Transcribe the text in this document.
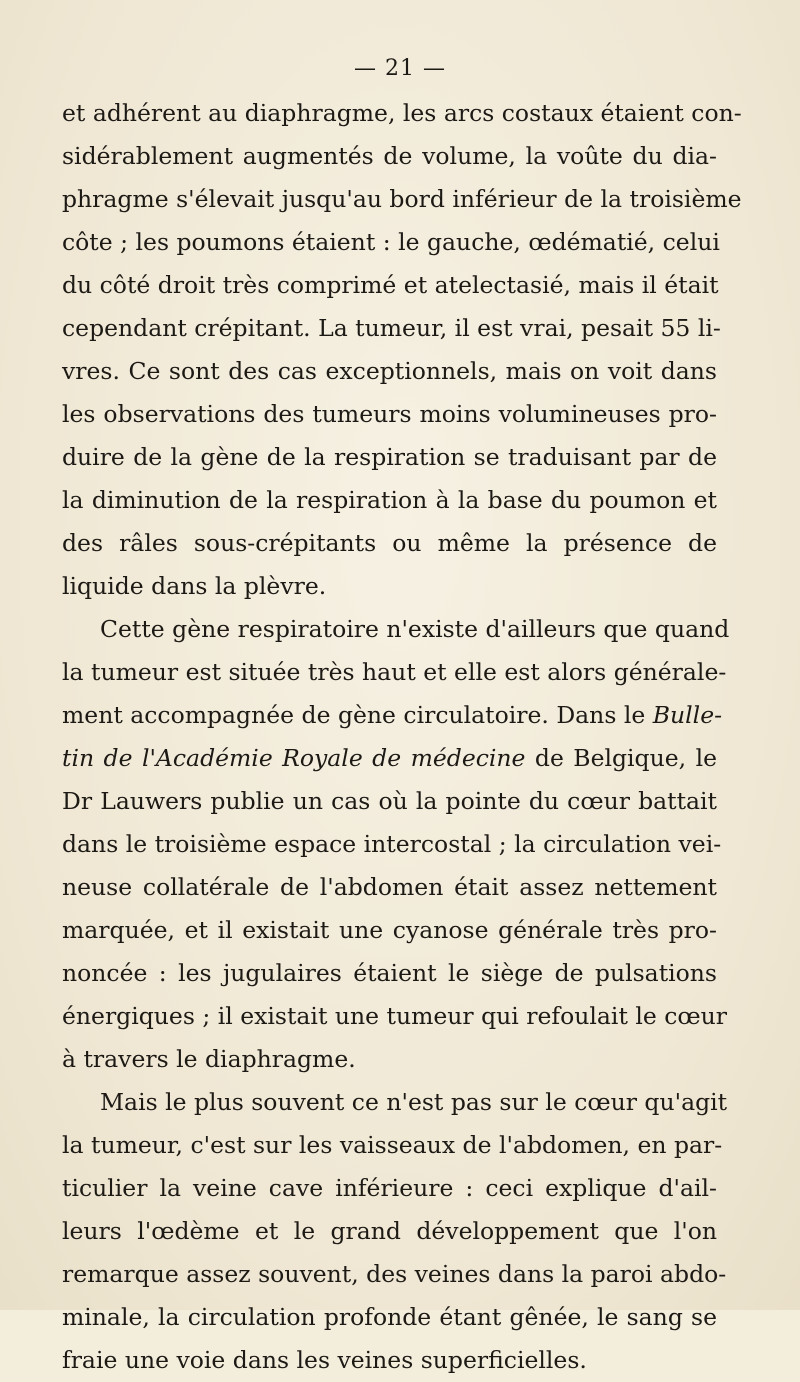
— 21 —
et adhérent au diaphragme, les arcs costaux étaient con-
sidérablement augmentés de volume, la voûte du dia-
phragme s'élevait jusqu'au bord inférieur de la troisième
côte ; les poumons étaient : le gauche, œdématié, celui
du côté droit très comprimé et atelectasié, mais il était
cependant crépitant. La tumeur, il est vrai, pesait 55 li-
vres. Ce sont des cas exceptionnels, mais on voit dans
les observations des tumeurs moins volumineuses pro-
duire de la gène de la respiration se traduisant par de
la diminution de la respiration à la base du poumon et
des râles sous-crépitants ou même la présence de
liquide dans la plèvre.
Cette gène respiratoire n'existe d'ailleurs que quand
la tumeur est située très haut et elle est alors générale-
ment accompagnée de gène circulatoire. Dans le Bulle-
tin de l'Académie Royale de médecine de Belgique, le
Dr Lauwers publie un cas où la pointe du cœur battait
dans le troisième espace intercostal ; la circulation vei-
neuse collatérale de l'abdomen était assez nettement
marquée, et il existait une cyanose générale très pro-
noncée : les jugulaires étaient le siège de pulsations
énergiques ; il existait une tumeur qui refoulait le cœur
à travers le diaphragme.
Mais le plus souvent ce n'est pas sur le cœur qu'agit
la tumeur, c'est sur les vaisseaux de l'abdomen, en par-
ticulier la veine cave inférieure : ceci explique d'ail-
leurs l'œdème et le grand développement que l'on
remarque assez souvent, des veines dans la paroi abdo-
minale, la circulation profonde étant gênée, le sang se
fraie une voie dans les veines superficielles.
